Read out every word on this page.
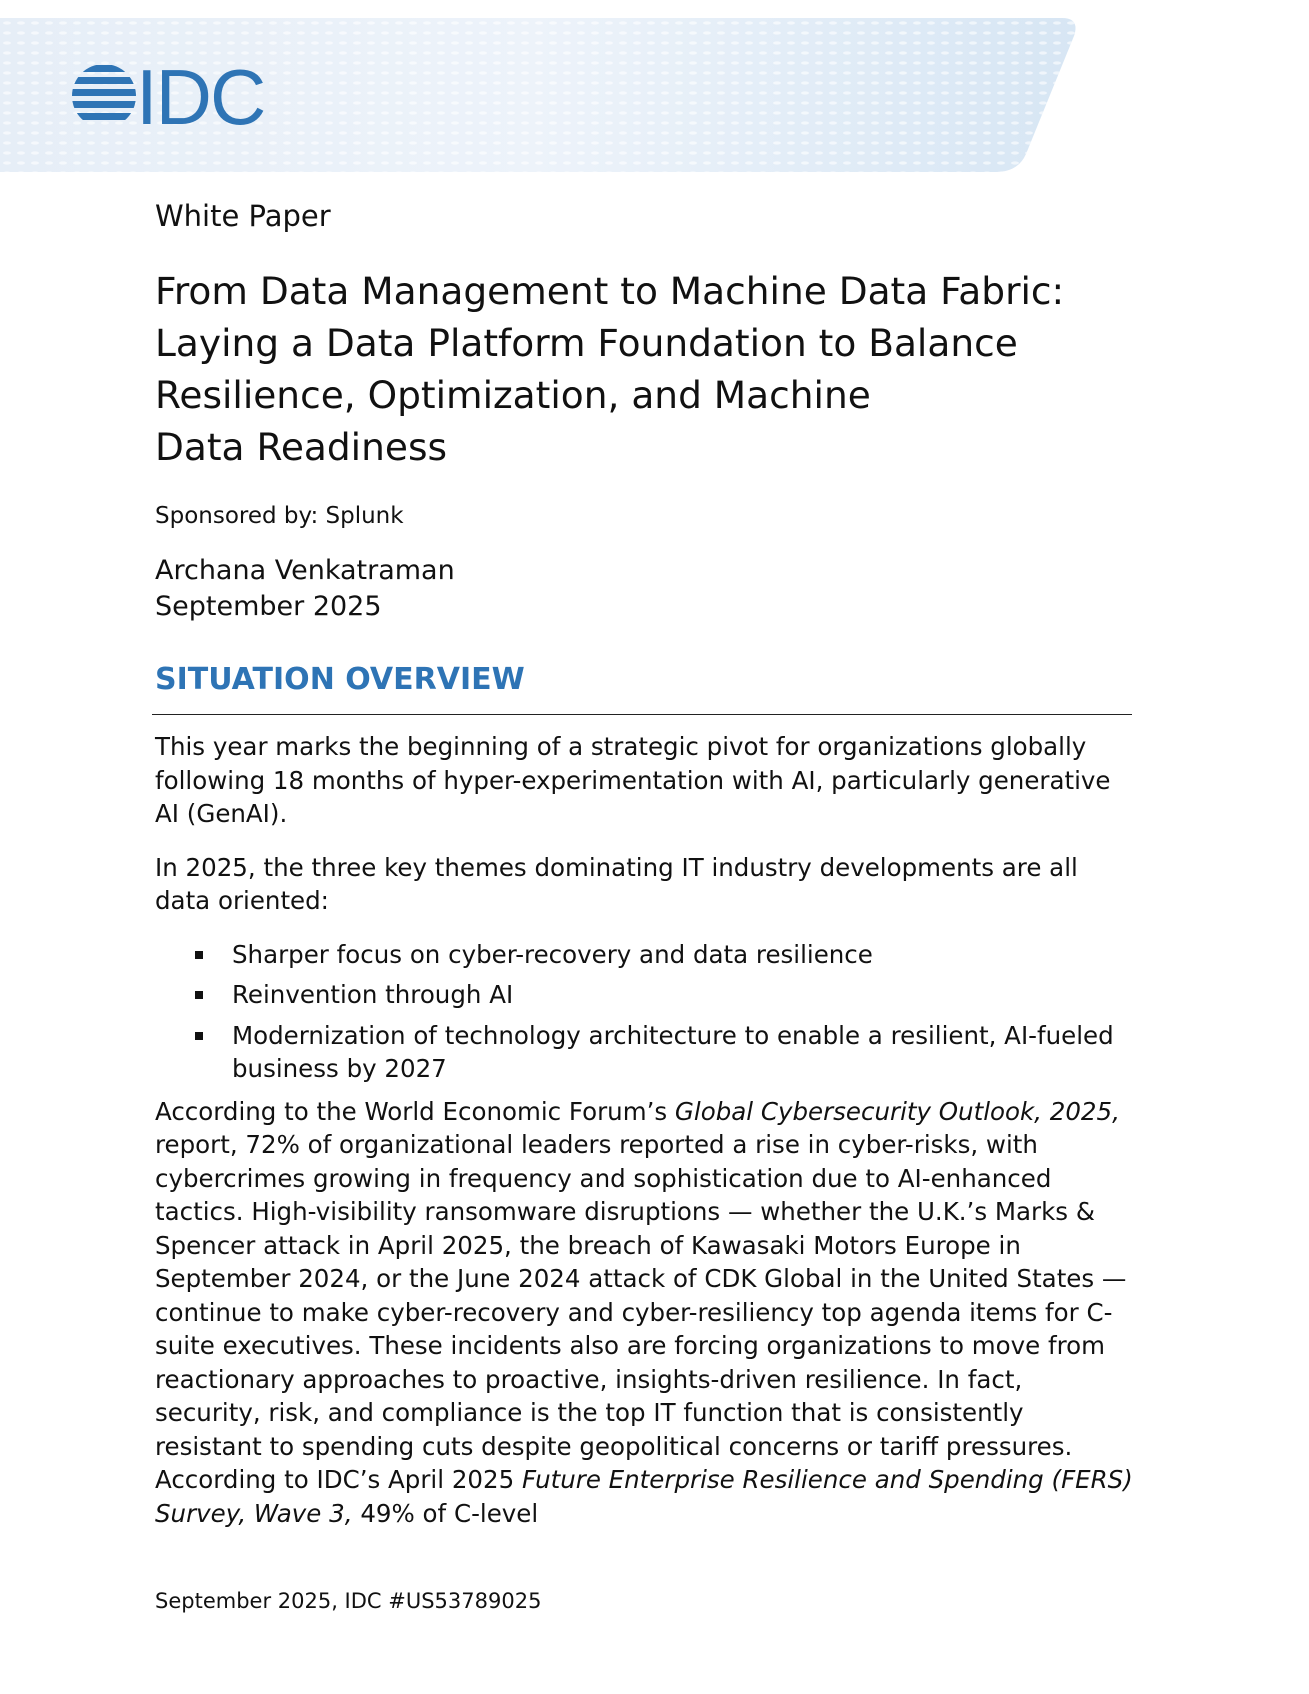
IDC
White Paper
From Data Management to Machine Data Fabric:
Laying a Data Platform Foundation to Balance
Resilience, Optimization, and Machine
Data Readiness
Sponsored by: Splunk
Archana Venkatraman
September 2025
SITUATION OVERVIEW

This year marks the beginning of a strategic pivot for organizations globally following 18 months of hyper-experimentation with AI, particularly generative AI (GenAI).

In 2025, the three key themes dominating IT industry developments are all data oriented:

Sharper focus on cyber-recovery and data resilience
Reinvention through AI
Modernization of technology architecture to enable a resilient, AI-fueled business by 2027

According to the World Economic Forum’s Global Cybersecurity Outlook, 2025, report, 72% of organizational leaders reported a rise in cyber-risks, with cybercrimes growing in frequency and sophistication due to AI-enhanced tactics. High-visibility ransomware disruptions — whether the U.K.’s Marks & Spencer attack in April 2025, the breach of Kawasaki Motors Europe in September 2024, or the June 2024 attack of CDK Global in the United States — continue to make cyber-recovery and cyber-resiliency top agenda items for C-suite executives. These incidents also are forcing organizations to move from reactionary approaches to proactive, insights-driven resilience. In fact, security, risk, and compliance is the top IT function that is consistently resistant to spending cuts despite geopolitical concerns or tariff pressures. According to IDC’s April 2025 Future Enterprise Resilience and Spending (FERS) Survey, Wave 3, 49% of C-level

September 2025, IDC #US53789025
